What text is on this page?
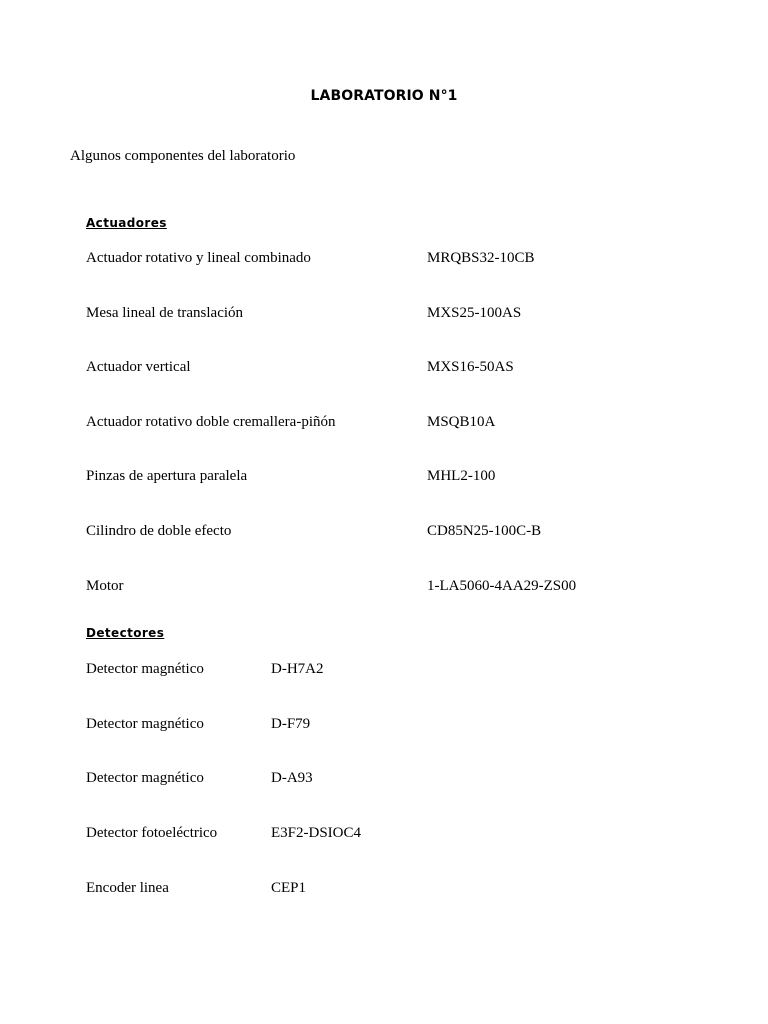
LABORATORIO N°1
Algunos componentes del laboratorio
Actuadores
Actuador rotativo y lineal combinado	MRQBS32-10CB
Mesa lineal de translación	MXS25-100AS
Actuador vertical	MXS16-50AS
Actuador rotativo doble cremallera-piñón	MSQB10A
Pinzas de apertura paralela	MHL2-100
Cilindro de doble efecto	CD85N25-100C-B
Motor	1-LA5060-4AA29-ZS00
Detectores
Detector magnético	D-H7A2
Detector magnético	D-F79
Detector magnético	D-A93
Detector fotoeléctrico	E3F2-DSIOC4
Encoder linea	CEP1
